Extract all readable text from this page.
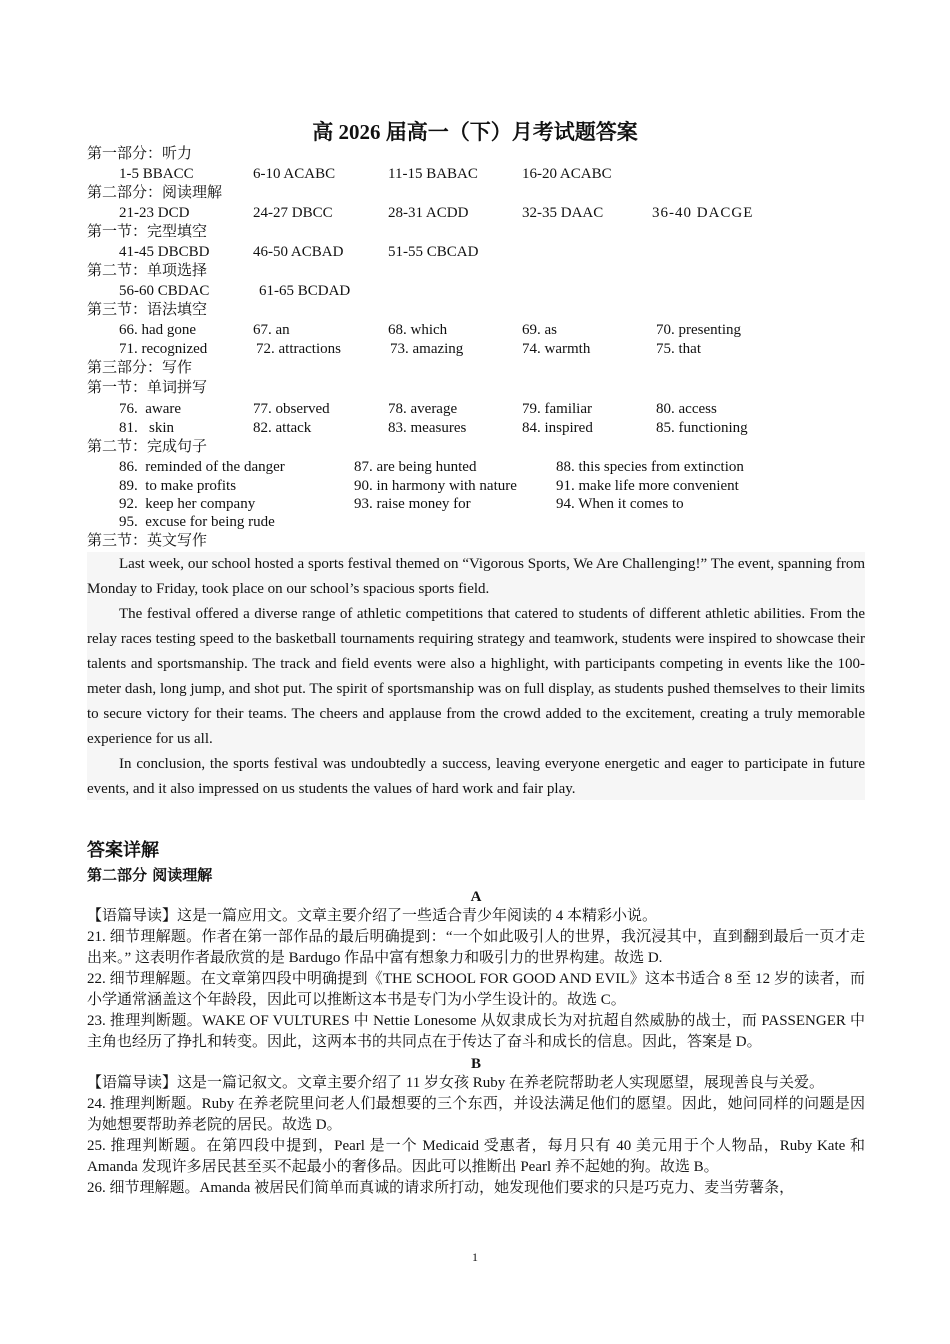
高 2026 届高一（下）月考试题答案
第一部分：听力
1-5 BBACC	6-10 ACABC	11-15 BABAC	16-20 ACABC
第二部分：阅读理解
21-23 DCD	24-27 DBCC	28-31 ACDD	32-35 DAAC	36-40 DACGE
第一节：完型填空
41-45 DBCBD	46-50 ACBAD	51-55 CBCAD
第二节：单项选择
56-60 CBDAC	61-65 BCDAD
第三节：语法填空
66. had gone	67. an	68. which	69. as	70. presenting
71. recognized	72. attractions	73. amazing	74. warmth	75. that
第三部分：写作
第一节：单词拼写
76.  aware	77. observed	78. average	79. familiar	80. access
81.   skin	82. attack	83. measures	84. inspired	85. functioning
第二节：完成句子
86.  reminded of the danger	87. are being hunted	88. this species from extinction
89.  to make profits	90. in harmony with nature	91. make life more convenient
92.  keep her company	93. raise money for	94. When it comes to
95.  excuse for being rude
第三节：英文写作

Last week, our school hosted a sports festival themed on “Vigorous Sports, We Are Challenging!” The event, spanning from Monday to Friday, took place on our school’s spacious sports field.

The festival offered a diverse range of athletic competitions that catered to students of different athletic abilities. From the relay races testing speed to the basketball tournaments requiring strategy and teamwork, students were inspired to showcase their talents and sportsmanship. The track and field events were also a highlight, with participants competing in events like the 100-meter dash, long jump, and shot put. The spirit of sportsmanship was on full display, as students pushed themselves to their limits to secure victory for their teams. The cheers and applause from the crowd added to the excitement, creating a truly memorable experience for us all.

In conclusion, the sports festival was undoubtedly a success, leaving everyone energetic and eager to participate in future events, and it also impressed on us students the values of hard work and fair play.

答案详解
第二部分 阅读理解
A

【语篇导读】这是一篇应用文。文章主要介绍了一些适合青少年阅读的 4 本精彩小说。

21. 细节理解题。作者在第一部作品的最后明确提到：“一个如此吸引人的世界，我沉浸其中，直到翻到最后一页才走出来。” 这表明作者最欣赏的是 Bardugo 作品中富有想象力和吸引力的世界构建。故选 D.

22. 细节理解题。在文章第四段中明确提到《THE SCHOOL FOR GOOD AND EVIL》这本书适合 8 至 12 岁的读者，而小学通常涵盖这个年龄段，因此可以推断这本书是专门为小学生设计的。故选 C。

23. 推理判断题。WAKE OF VULTURES 中 Nettie Lonesome 从奴隶成长为对抗超自然威胁的战士，而 PASSENGER 中主角也经历了挣扎和转变。因此，这两本书的共同点在于传达了奋斗和成长的信息。因此，答案是 D。

B

【语篇导读】这是一篇记叙文。文章主要介绍了 11 岁女孩 Ruby 在养老院帮助老人实现愿望，展现善良与关爱。

24. 推理判断题。Ruby 在养老院里问老人们最想要的三个东西，并设法满足他们的愿望。因此，她问同样的问题是因为她想要帮助养老院的居民。故选 D。

25. 推理判断题。在第四段中提到，Pearl 是一个 Medicaid 受惠者，每月只有 40 美元用于个人物品，Ruby Kate 和 Amanda 发现许多居民甚至买不起最小的奢侈品。因此可以推断出 Pearl 养不起她的狗。故选 B。

26. 细节理解题。Amanda 被居民们简单而真诚的请求所打动，她发现他们要求的只是巧克力、麦当劳薯条，

1
